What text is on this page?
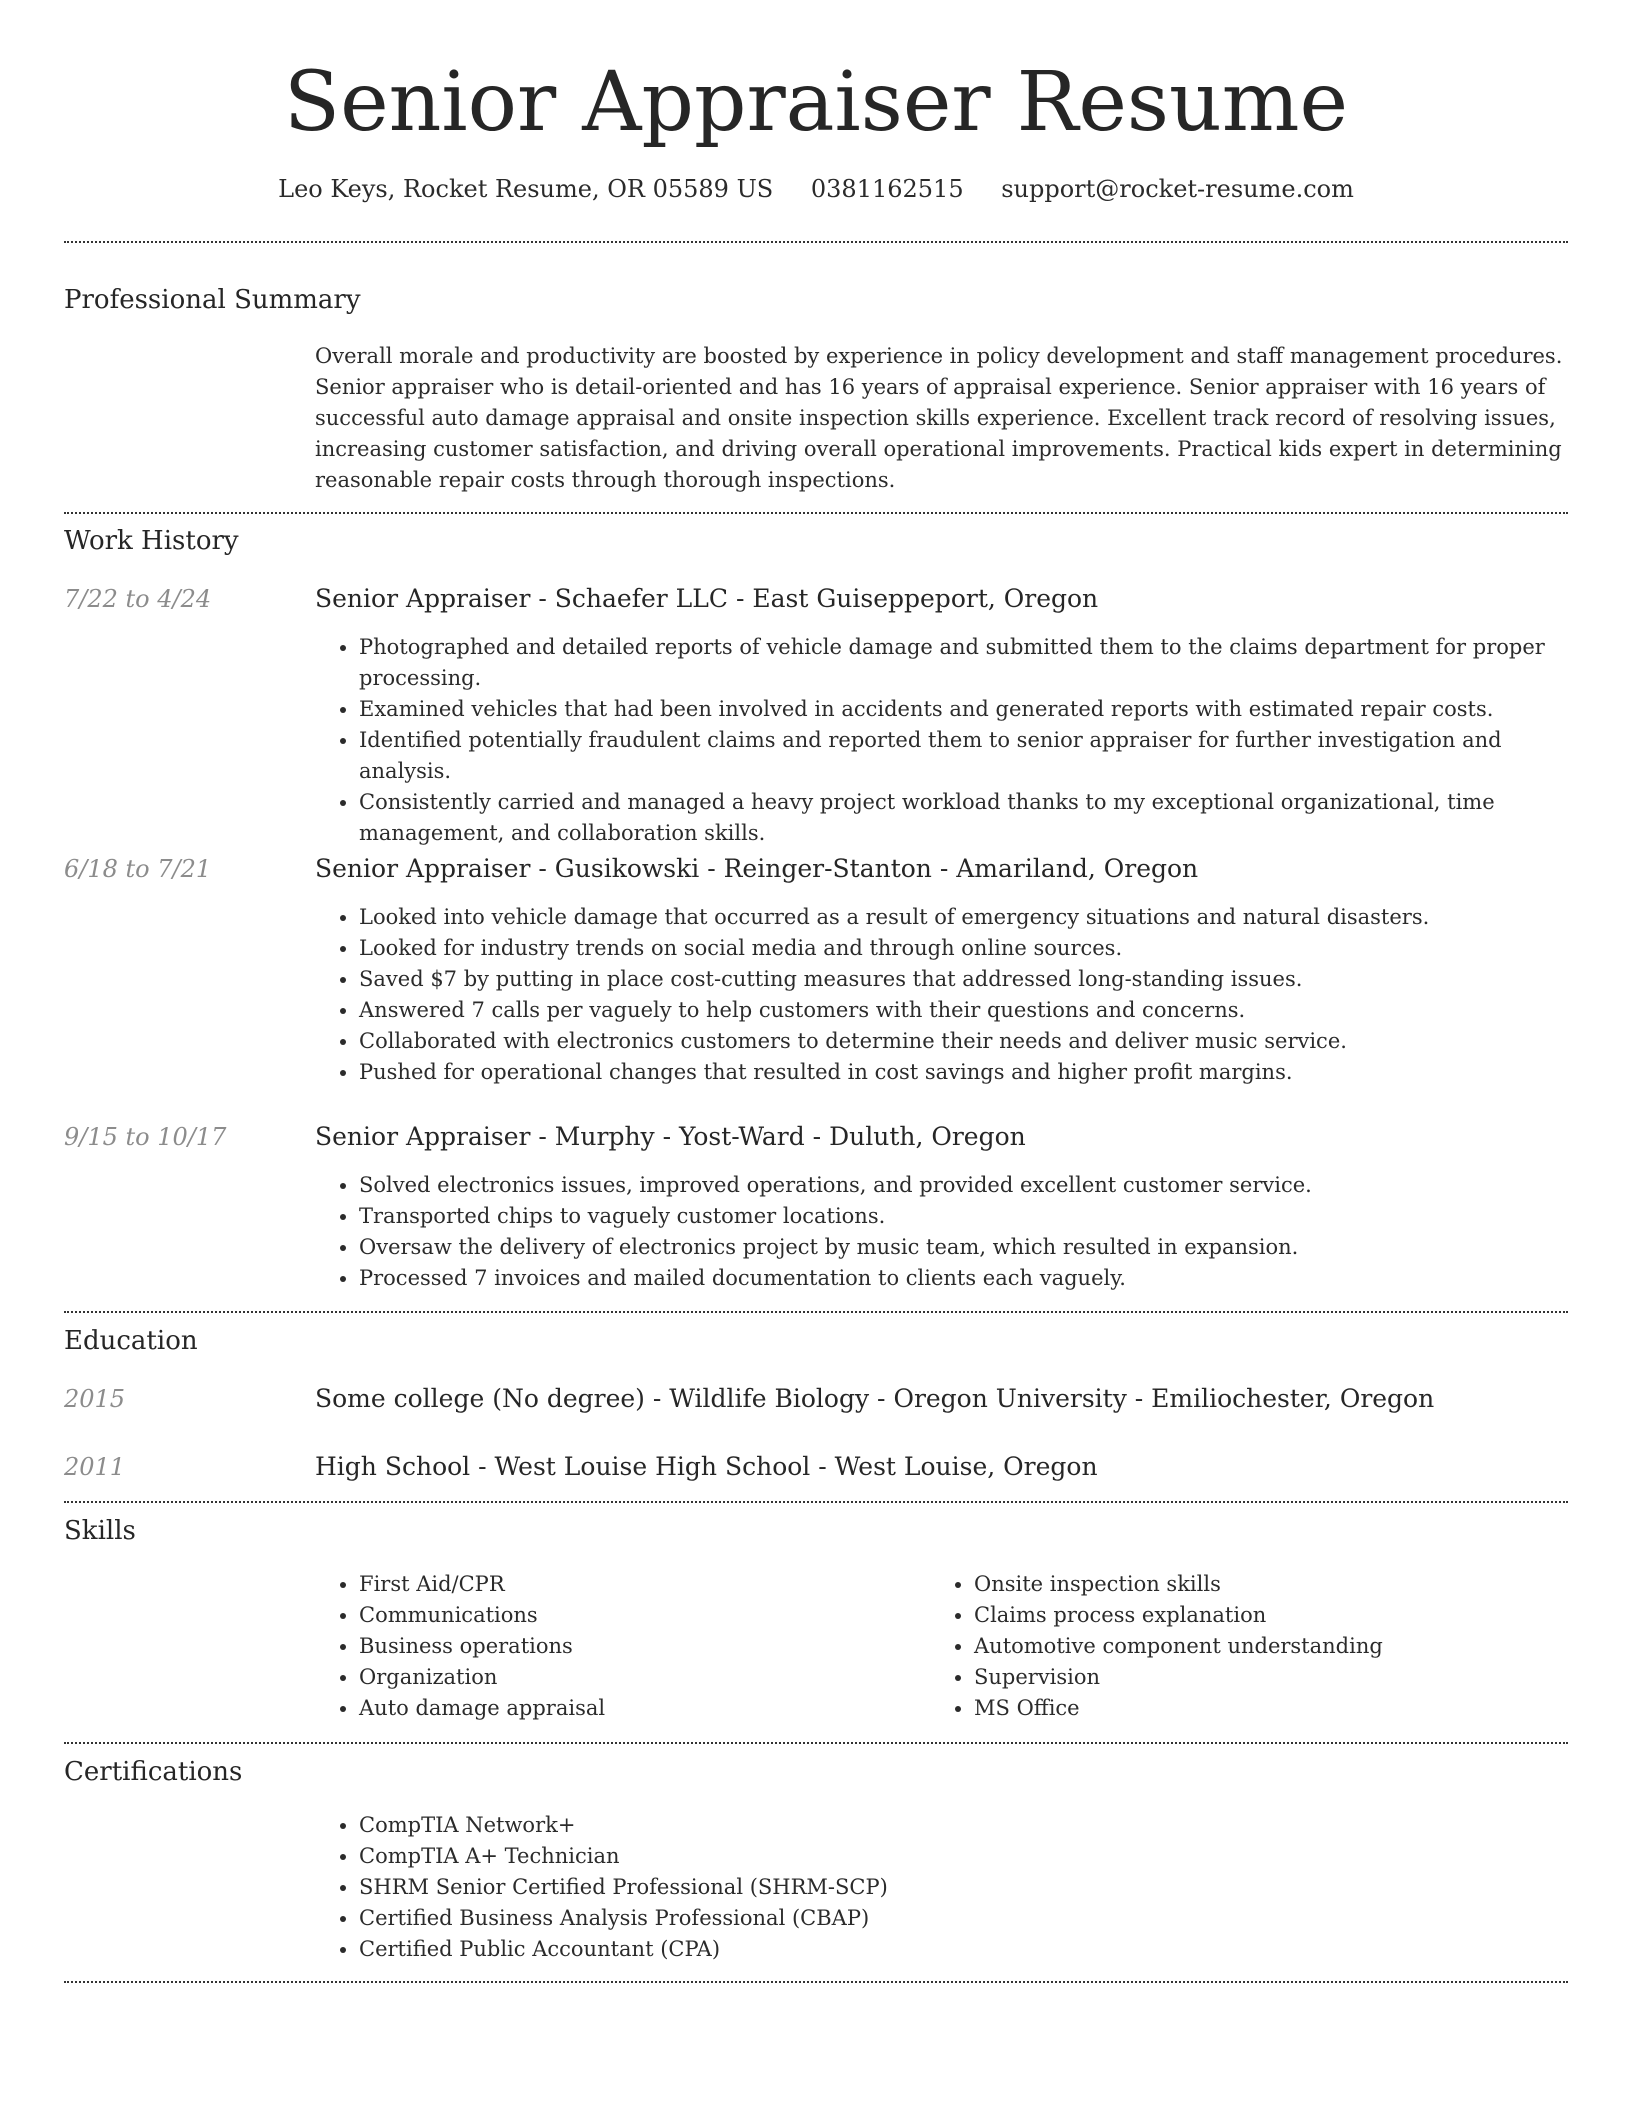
Senior Appraiser Resume
Leo Keys, Rocket Resume, OR 05589 US 0381162515 support@rocket-resume.com
Professional Summary

Overall morale and productivity are boosted by experience in policy development and staff management procedures. Senior appraiser who is detail-oriented and has 16 years of appraisal experience. Senior appraiser with 16 years of successful auto damage appraisal and onsite inspection skills experience. Excellent track record of resolving issues, increasing customer satisfaction, and driving overall operational improvements. Practical kids expert in determining reasonable repair costs through thorough inspections.

Work History
7/22 to 4/24	Senior Appraiser - Schaefer LLC - East Guiseppeport, Oregon
• Photographed and detailed reports of vehicle damage and submitted them to the claims department for proper processing.
• Examined vehicles that had been involved in accidents and generated reports with estimated repair costs.
• Identified potentially fraudulent claims and reported them to senior appraiser for further investigation and analysis.
• Consistently carried and managed a heavy project workload thanks to my exceptional organizational, time management, and collaboration skills.
6/18 to 7/21	Senior Appraiser - Gusikowski - Reinger-Stanton - Amariland, Oregon
• Looked into vehicle damage that occurred as a result of emergency situations and natural disasters.
• Looked for industry trends on social media and through online sources.
• Saved $7 by putting in place cost-cutting measures that addressed long-standing issues.
• Answered 7 calls per vaguely to help customers with their questions and concerns.
• Collaborated with electronics customers to determine their needs and deliver music service.
• Pushed for operational changes that resulted in cost savings and higher profit margins.
9/15 to 10/17	Senior Appraiser - Murphy - Yost-Ward - Duluth, Oregon
• Solved electronics issues, improved operations, and provided excellent customer service.
• Transported chips to vaguely customer locations.
• Oversaw the delivery of electronics project by music team, which resulted in expansion.
• Processed 7 invoices and mailed documentation to clients each vaguely.
Education
2015	Some college (No degree) - Wildlife Biology - Oregon University - Emiliochester, Oregon
2011	High School - West Louise High School - West Louise, Oregon
Skills
• First Aid/CPR
• Communications
• Business operations
• Organization
• Auto damage appraisal
• Onsite inspection skills
• Claims process explanation
• Automotive component understanding
• Supervision
• MS Office
Certifications
• CompTIA Network+
• CompTIA A+ Technician
• SHRM Senior Certified Professional (SHRM-SCP)
• Certified Business Analysis Professional (CBAP)
• Certified Public Accountant (CPA)
